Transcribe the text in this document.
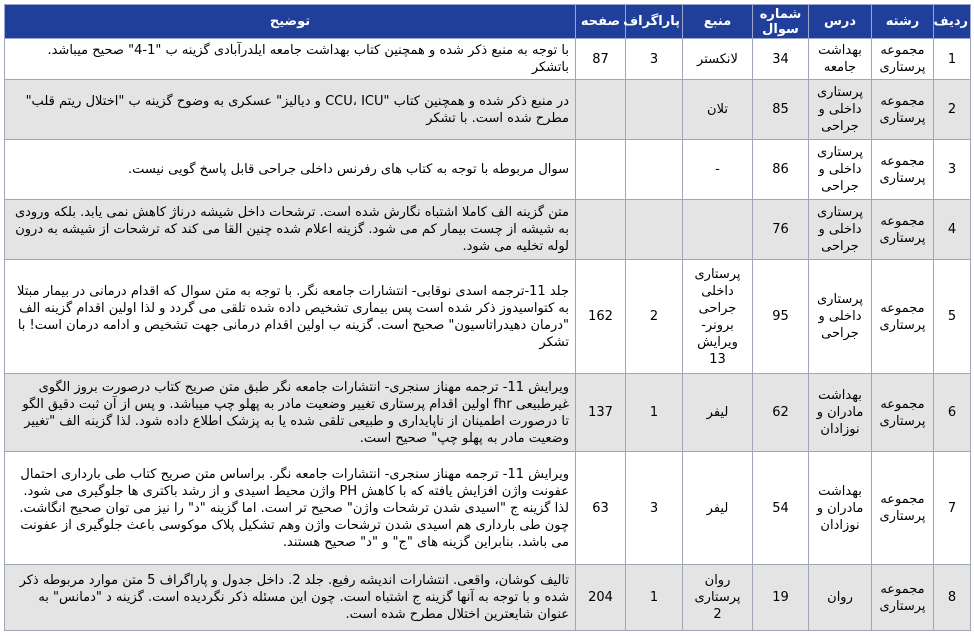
ردیف	رشته	درس	شماره سوال	منبع	پاراگراف	صفحه	توضیح
1	مجموعه پرستاری	بهداشت جامعه	34	لانکستر	3	87	با توجه به منبع ذکر شده و همچنین کتاب بهداشت جامعه ایلدرآبادی گزینه ب "1-4" صحیح میباشد. باتشکر
2	مجموعه پرستاری	پرستاری داخلی و جراحی	85	تلان			در منبع ذکر شده و همچنین کتاب "CCU، ICU و دیالیز" عسکری به وضوح گزینه ب "اختلال ریتم قلب" مطرح شده است. با تشکر
3	مجموعه پرستاری	پرستاری داخلی و جراحی	86	-			سوال مربوطه با توجه به کتاب های رفرنس داخلی جراحی قابل پاسخ گویی نیست.
4	مجموعه پرستاری	پرستاری داخلی و جراحی	76				متن گزینه الف کاملا اشتباه نگارش شده است. ترشحات داخل شیشه درناژ کاهش نمی یابد. بلکه ورودی به شیشه از چست بیمار کم می شود. گزینه اعلام شده چنین القا می کند که ترشحات از شیشه به درون لوله تخلیه می شود.
5	مجموعه پرستاری	پرستاری داخلی و جراحی	95	پرستاری داخلی جراحی برونر- ویرایش 13	2	162	جلد 11-ترجمه اسدی نوقابی- انتشارات جامعه نگر. با توجه به متن سوال که اقدام درمانی در بیمار مبتلا به کتواسیدوز ذکر شده است پس بیماری تشخیص داده شده تلقی می گردد و لذا اولین اقدام گزینه الف "درمان دهیدراتاسیون" صحیح است. گزینه ب اولین اقدام درمانی جهت تشخیص و ادامه درمان است! با تشکر
6	مجموعه پرستاری	بهداشت مادران و نوزادان	62	لیفر	1	137	ویرایش 11- ترجمه مهناز سنجری- انتشارات جامعه نگر طبق متن صریح کتاب درصورت بروز الگوی غیرطبیعی fhr اولین اقدام پرستاری تغییر وضعیت مادر به پهلو چپ میباشد. و پس از آن ثبت دقیق الگو تا درصورت اطمینان از ناپایداری و طبیعی تلقی شده یا به پزشک اطلاع داده شود. لذا گزینه الف "تغییر وضعیت مادر به پهلو چپ" صحیح است.
7	مجموعه پرستاری	بهداشت مادران و نوزادان	54	لیفر	3	63	ویرایش 11- ترجمه مهناز سنجری- انتشارات جامعه نگر. براساس متن صریح کتاب طی بارداری احتمال عفونت واژن افزایش یافته که با کاهش PH واژن محیط اسیدی و از رشد باکتری ها جلوگیری می شود. لذا گزینه ج "اسیدی شدن ترشحات واژن" صحیح تر است. اما گزینه "د" را نیز می توان صحیح انگاشت. چون طی بارداری هم اسیدی شدن ترشحات واژن وهم تشکیل پلاک موکوسی باعث جلوگیری از عفونت می باشد. بنابراین گزینه های "ج" و "د" صحیح هستند.
8	مجموعه پرستاری	روان	19	روان پرستاری 2	1	204	تالیف کوشان، واقعی. انتشارات اندیشه رفیع. جلد 2. داخل جدول و پاراگراف 5 متن موارد مربوطه ذکر شده و با توجه به آنها گزینه ج اشتباه است. چون این مسئله ذکر نگردیده است. گزینه د "دمانس" به عنوان شایعترین اختلال مطرح شده است.
